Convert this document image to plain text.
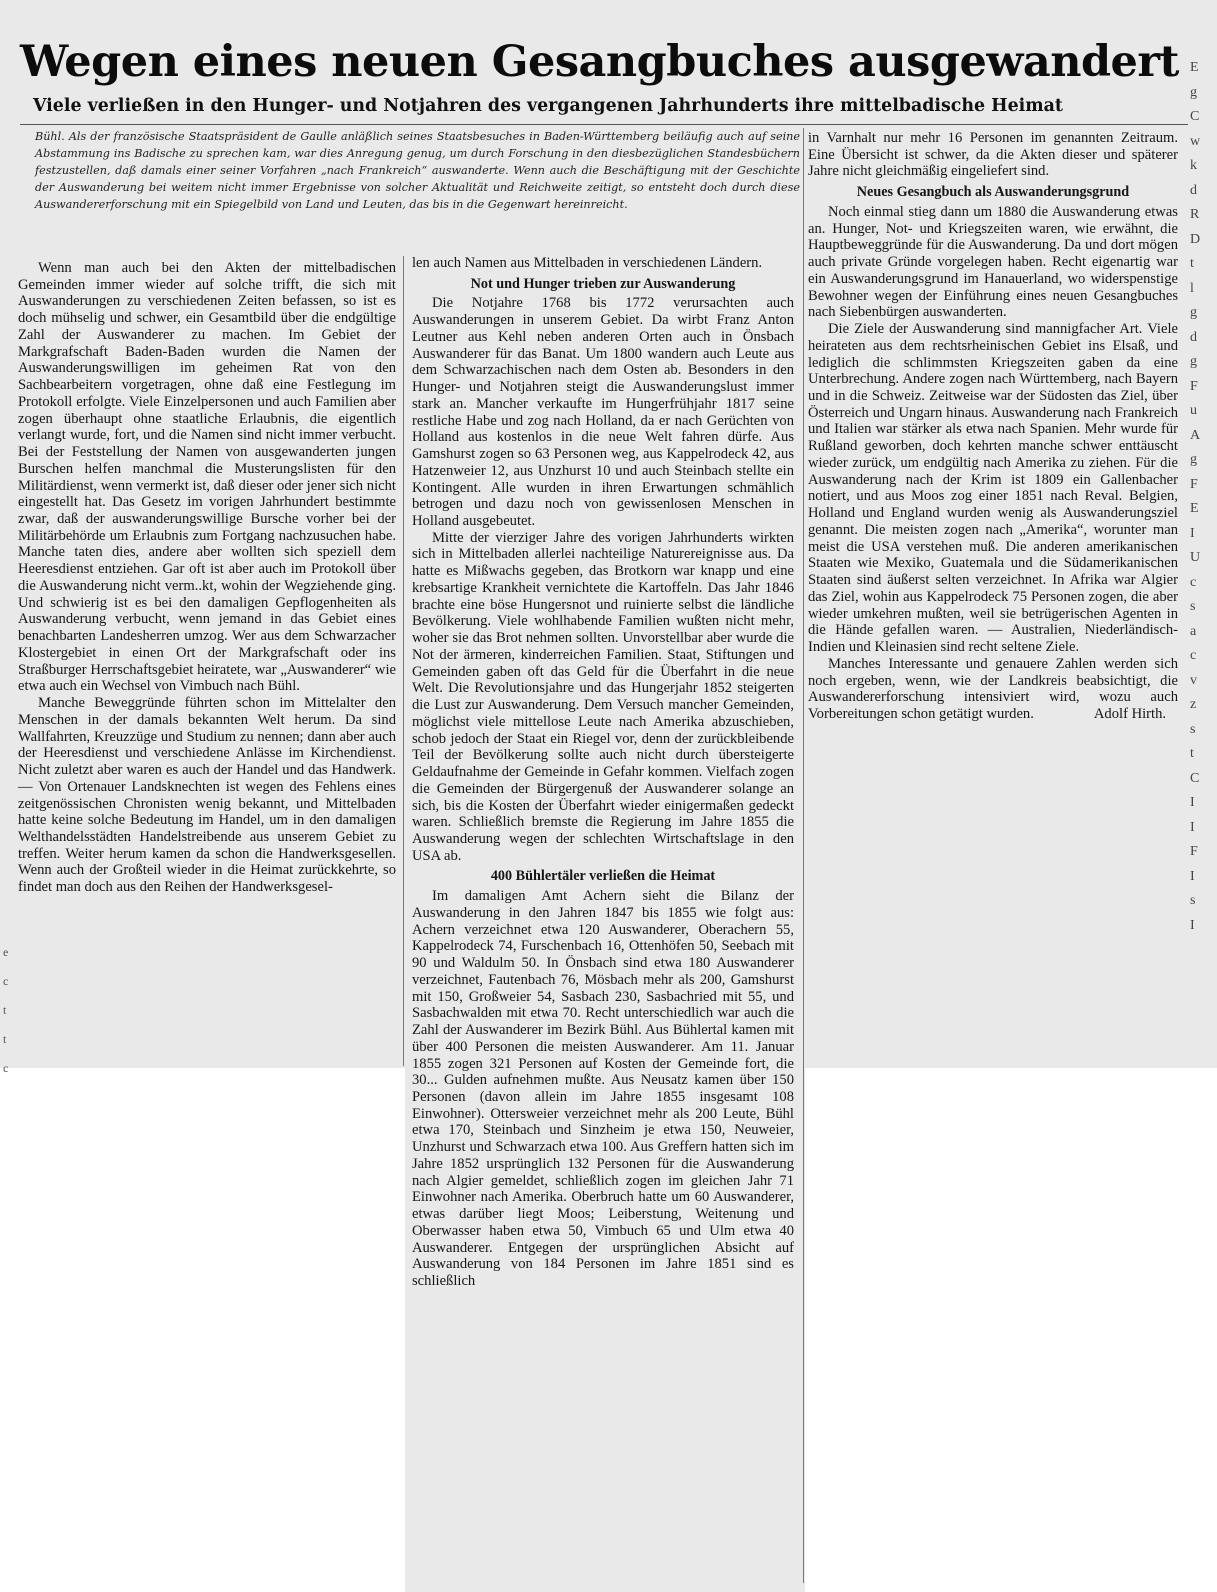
Wegen eines neuen Gesangbuches ausgewandert
Viele verließen in den Hunger- und Notjahren des vergangenen Jahrhunderts ihre mittelbadische Heimat

Bühl. Als der französische Staatspräsident de Gaulle anläßlich seines Staatsbesuches in Baden-Württemberg beiläufig auch auf seine Abstammung ins Badische zu sprechen kam, war dies Anregung genug, um durch Forschung in den diesbezüglichen Standesbüchern festzustellen, daß damals einer seiner Vorfahren „nach Frankreich“ auswanderte. Wenn auch die Beschäftigung mit der Geschichte der Auswanderung bei weitem nicht immer Ergebnisse von solcher Aktualität und Reichweite zeitigt, so entsteht doch durch diese Auswandererforschung mit ein Spiegelbild von Land und Leuten, das bis in die Gegenwart hereinreicht.

Wenn man auch bei den Akten der mittelbadischen Gemeinden immer wieder auf solche trifft, die sich mit Auswanderungen zu verschiedenen Zeiten befassen, so ist es doch mühselig und schwer, ein Gesamtbild über die endgültige Zahl der Auswanderer zu machen. Im Gebiet der Markgrafschaft Baden-Baden wurden die Namen der Auswanderungswilligen im geheimen Rat von den Sachbearbeitern vorgetragen, ohne daß eine Festlegung im Protokoll erfolgte. Viele Einzelpersonen und auch Familien aber zogen überhaupt ohne staatliche Erlaubnis, die eigentlich verlangt wurde, fort, und die Namen sind nicht immer verbucht. Bei der Feststellung der Namen von ausgewanderten jungen Burschen helfen manchmal die Musterungslisten für den Militärdienst, wenn vermerkt ist, daß dieser oder jener sich nicht eingestellt hat. Das Gesetz im vorigen Jahrhundert bestimmte zwar, daß der auswanderungswillige Bursche vorher bei der Militärbehörde um Erlaubnis zum Fortgang nachzusuchen habe. Manche taten dies, andere aber wollten sich speziell dem Heeresdienst entziehen. Gar oft ist aber auch im Protokoll über die Auswanderung nicht verm..kt, wohin der Wegziehende ging. Und schwierig ist es bei den damaligen Gepflogenheiten als Auswanderung verbucht, wenn jemand in das Gebiet eines benachbarten Landesherren umzog. Wer aus dem Schwarzacher Klostergebiet in einen Ort der Markgrafschaft oder ins Straßburger Herrschaftsgebiet heiratete, war „Auswanderer“ wie etwa auch ein Wechsel von Vimbuch nach Bühl.

Manche Beweggründe führten schon im Mittelalter den Menschen in der damals bekannten Welt herum. Da sind Wallfahrten, Kreuzzüge und Studium zu nennen; dann aber auch der Heeresdienst und verschiedene Anlässe im Kirchendienst. Nicht zuletzt aber waren es auch der Handel und das Handwerk. — Von Ortenauer Landsknechten ist wegen des Fehlens eines zeitgenössischen Chronisten wenig bekannt, und Mittelbaden hatte keine solche Bedeutung im Handel, um in den damaligen Welthandelsstädten Handelstreibende aus unserem Gebiet zu treffen. Weiter herum kamen da schon die Handwerksgesellen. Wenn auch der Großteil wieder in die Heimat zurückkehrte, so findet man doch aus den Reihen der Handwerksgesel-

len auch Namen aus Mittelbaden in verschiedenen Ländern.

Not und Hunger trieben zur Auswanderung

Die Notjahre 1768 bis 1772 verursachten auch Auswanderungen in unserem Gebiet. Da wirbt Franz Anton Leutner aus Kehl neben anderen Orten auch in Önsbach Auswanderer für das Banat. Um 1800 wandern auch Leute aus dem Schwarzachischen nach dem Osten ab. Besonders in den Hunger- und Notjahren steigt die Auswanderungslust immer stark an. Mancher verkaufte im Hungerfrühjahr 1817 seine restliche Habe und zog nach Holland, da er nach Gerüchten von Holland aus kostenlos in die neue Welt fahren dürfe. Aus Gamshurst zogen so 63 Personen weg, aus Kappelrodeck 42, aus Hatzenweier 12, aus Unzhurst 10 und auch Steinbach stellte ein Kontingent. Alle wurden in ihren Erwartungen schmählich betrogen und dazu noch von gewissenlosen Menschen in Holland ausgebeutet.

Mitte der vierziger Jahre des vorigen Jahrhunderts wirkten sich in Mittelbaden allerlei nachteilige Naturereignisse aus. Da hatte es Mißwachs gegeben, das Brotkorn war knapp und eine krebsartige Krankheit vernichtete die Kartoffeln. Das Jahr 1846 brachte eine böse Hungersnot und ruinierte selbst die ländliche Bevölkerung. Viele wohlhabende Familien wußten nicht mehr, woher sie das Brot nehmen sollten. Unvorstellbar aber wurde die Not der ärmeren, kinderreichen Familien. Staat, Stiftungen und Gemeinden gaben oft das Geld für die Überfahrt in die neue Welt. Die Revolutionsjahre und das Hungerjahr 1852 steigerten die Lust zur Auswanderung. Dem Versuch mancher Gemeinden, möglichst viele mittellose Leute nach Amerika abzuschieben, schob jedoch der Staat ein Riegel vor, denn der zurückbleibende Teil der Bevölkerung sollte auch nicht durch übersteigerte Geldaufnahme der Gemeinde in Gefahr kommen. Vielfach zogen die Gemeinden der Bürgergenuß der Auswanderer solange an sich, bis die Kosten der Überfahrt wieder einigermaßen gedeckt waren. Schließlich bremste die Regierung im Jahre 1855 die Auswanderung wegen der schlechten Wirtschaftslage in den USA ab.

400 Bühlertäler verließen die Heimat

Im damaligen Amt Achern sieht die Bilanz der Auswanderung in den Jahren 1847 bis 1855 wie folgt aus: Achern verzeichnet etwa 120 Auswanderer, Oberachern 55, Kappelrodeck 74, Furschenbach 16, Ottenhöfen 50, Seebach mit 90 und Waldulm 50. In Önsbach sind etwa 180 Auswanderer verzeichnet, Fautenbach 76, Mösbach mehr als 200, Gamshurst mit 150, Großweier 54, Sasbach 230, Sasbachried mit 55, und Sasbachwalden mit etwa 70. Recht unterschiedlich war auch die Zahl der Auswanderer im Bezirk Bühl. Aus Bühlertal kamen mit über 400 Personen die meisten Auswanderer. Am 11. Januar 1855 zogen 321 Personen auf Kosten der Gemeinde fort, die 30... Gulden aufnehmen mußte. Aus Neusatz kamen über 150 Personen (davon allein im Jahre 1855 insgesamt 108 Einwohner). Ottersweier verzeichnet mehr als 200 Leute, Bühl etwa 170, Steinbach und Sinzheim je etwa 150, Neuweier, Unzhurst und Schwarzach etwa 100. Aus Greffern hatten sich im Jahre 1852 ursprünglich 132 Personen für die Auswanderung nach Algier gemeldet, schließlich zogen im gleichen Jahr 71 Einwohner nach Amerika. Oberbruch hatte um 60 Auswanderer, etwas darüber liegt Moos; Leiberstung, Weitenung und Oberwasser haben etwa 50, Vimbuch 65 und Ulm etwa 40 Auswanderer. Entgegen der ursprünglichen Absicht auf Auswanderung von 184 Personen im Jahre 1851 sind es schließlich

in Varnhalt nur mehr 16 Personen im genannten Zeitraum. Eine Übersicht ist schwer, da die Akten dieser und späterer Jahre nicht gleichmäßig eingeliefert sind.

Neues Gesangbuch als Auswanderungsgrund

Noch einmal stieg dann um 1880 die Auswanderung etwas an. Hunger, Not- und Kriegszeiten waren, wie erwähnt, die Hauptbeweggründe für die Auswanderung. Da und dort mögen auch private Gründe vorgelegen haben. Recht eigenartig war ein Auswanderungsgrund im Hanauerland, wo widerspenstige Bewohner wegen der Einführung eines neuen Gesangbuches nach Siebenbürgen auswanderten.

Die Ziele der Auswanderung sind mannigfacher Art. Viele heirateten aus dem rechtsrheinischen Gebiet ins Elsaß, und lediglich die schlimmsten Kriegszeiten gaben da eine Unterbrechung. Andere zogen nach Württemberg, nach Bayern und in die Schweiz. Zeitweise war der Südosten das Ziel, über Österreich und Ungarn hinaus. Auswanderung nach Frankreich und Italien war stärker als etwa nach Spanien. Mehr wurde für Rußland geworben, doch kehrten manche schwer enttäuscht wieder zurück, um endgültig nach Amerika zu ziehen. Für die Auswanderung nach der Krim ist 1809 ein Gallenbacher notiert, und aus Moos zog einer 1851 nach Reval. Belgien, Holland und England wurden wenig als Auswanderungsziel genannt. Die meisten zogen nach „Amerika“, worunter man meist die USA verstehen muß. Die anderen amerikanischen Staaten wie Mexiko, Guatemala und die Südamerikanischen Staaten sind äußerst selten verzeichnet. In Afrika war Algier das Ziel, wohin aus Kappelrodeck 75 Personen zogen, die aber wieder umkehren mußten, weil sie betrügerischen Agenten in die Hände gefallen waren. — Australien, Niederländisch-Indien und Kleinasien sind recht seltene Ziele.

Manches Interessante und genauere Zahlen werden sich noch ergeben, wenn, wie der Landkreis beabsichtigt, die Auswandererforschung intensiviert wird, wozu auch Vorbereitungen schon getätigt wurden.	Adolf Hirth.

E
g
C
w
k
d
R
D
t
l
g
d
g
F
u
A
g
F
E
I
U
c
s
a
c
v
z
s
t
C
I
I
F
I
s
I
e
c
t
t
c
